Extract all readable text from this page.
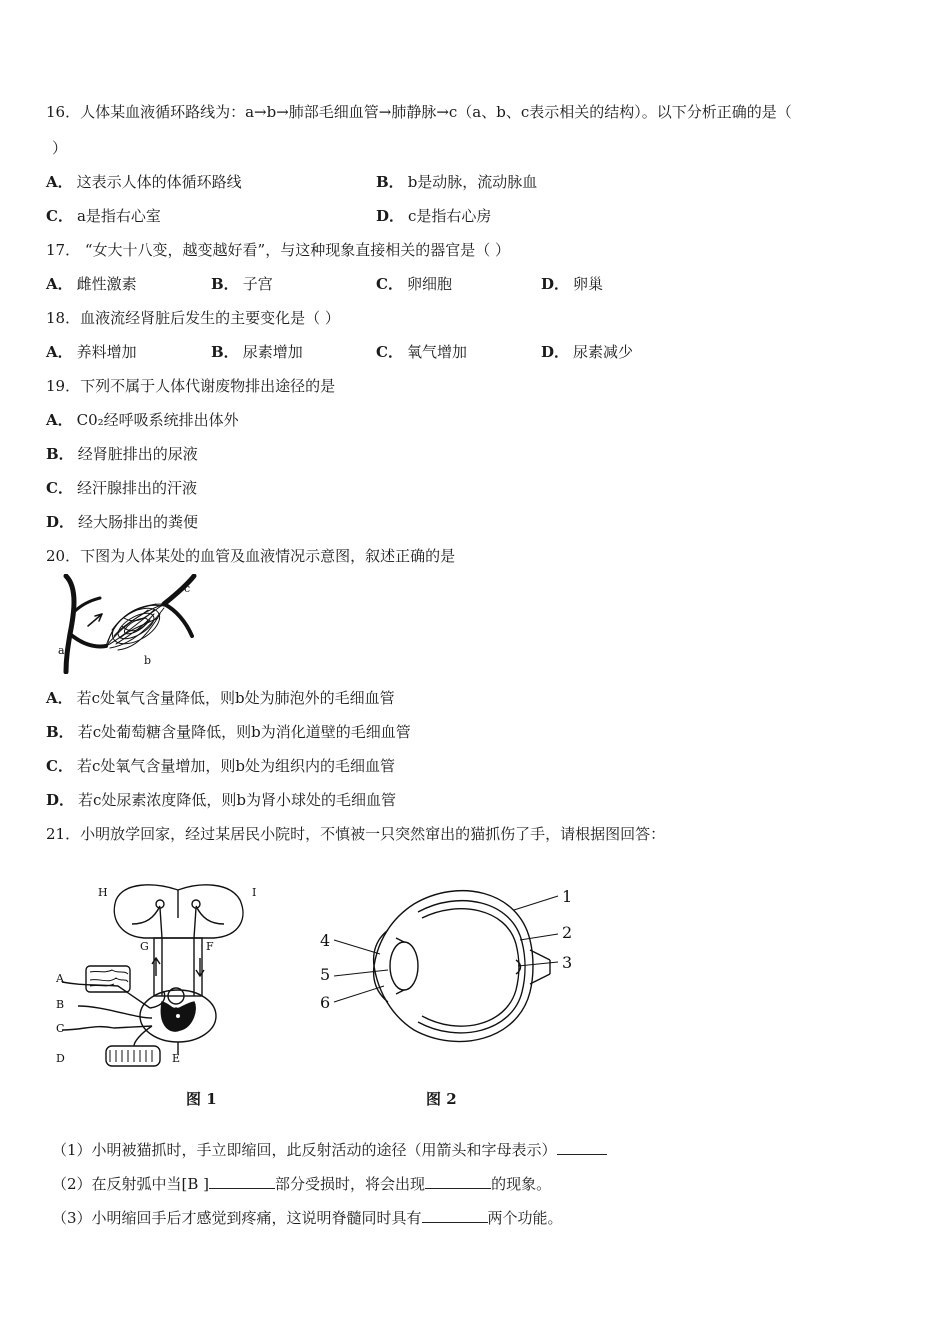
16．人体某血液循环路线为：a→b→肺部毛细血管→肺静脉→c（a、b、c表示相关的结构）。以下分析正确的是（
）
A． 这表示人体的体循环路线	B． b是动脉，流动脉血
C． a是指右心室	D． c是指右心房
17． “女大十八变，越变越好看”，与这种现象直接相关的器官是（ ）
A． 雌性激素	B． 子宫	C． 卵细胞	D． 卵巢
18．血液流经肾脏后发生的主要变化是（ ）
A． 养料增加	B． 尿素增加	C． 氧气增加	D． 尿素减少
19．下列不属于人体代谢废物排出途径的是
A． C0₂经呼吸系统排出体外
B． 经肾脏排出的尿液
C． 经汗腺排出的汗液
D． 经大肠排出的粪便
20．下图为人体某处的血管及血液情况示意图，叙述正确的是
a
b
c
A． 若c处氧气含量降低，则b处为肺泡外的毛细血管
B． 若c处葡萄糖含量降低，则b为消化道壁的毛细血管
C． 若c处氧气含量增加，则b处为组织内的毛细血管
D． 若c处尿素浓度降低，则b为肾小球处的毛细血管
21．小明放学回家，经过某居民小院时，不慎被一只突然窜出的猫抓伤了手，请根据图回答：
H	I
G	F
A
B
C
D	E
图 1
1
2
3
4
5
6
图 2
（1）小明被猫抓时，手立即缩回，此反射活动的途径（用箭头和字母表示）
（2）在反射弧中当[B ]	部分受损时，将会出现	的现象。
（3）小明缩回手后才感觉到疼痛，这说明脊髓同时具有	两个功能。
